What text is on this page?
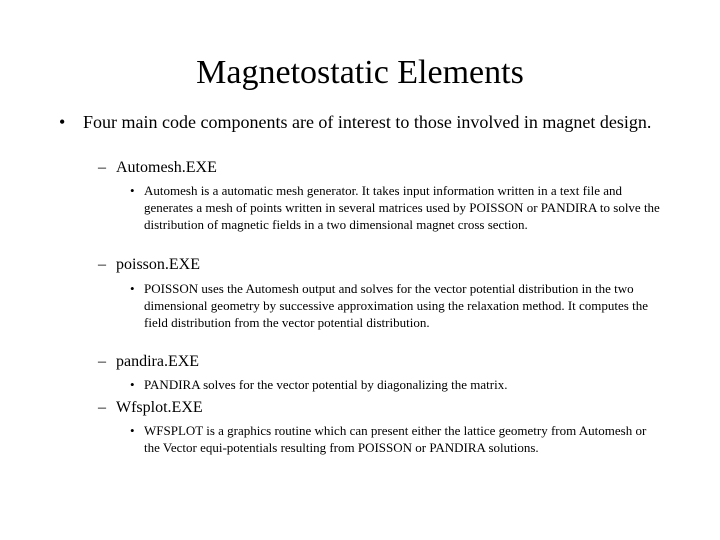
Magnetostatic Elements
• Four main code components are of interest to those involved in magnet design.
– Automesh.EXE
• Automesh is a automatic mesh generator. It takes input information written in a text file and generates a mesh of points written in several matrices used by POISSON or PANDIRA to solve the distribution of magnetic fields in a two dimensional magnet cross section.
– poisson.EXE
• POISSON uses the Automesh output and solves for the vector potential distribution in the two dimensional geometry by successive approximation using the relaxation method. It computes the field distribution from the vector potential distribution.
– pandira.EXE
• PANDIRA solves for the vector potential by diagonalizing the matrix.
– Wfsplot.EXE
• WFSPLOT is a graphics routine which can present either the lattice geometry from Automesh or the Vector equi-potentials resulting from POISSON or PANDIRA solutions.
